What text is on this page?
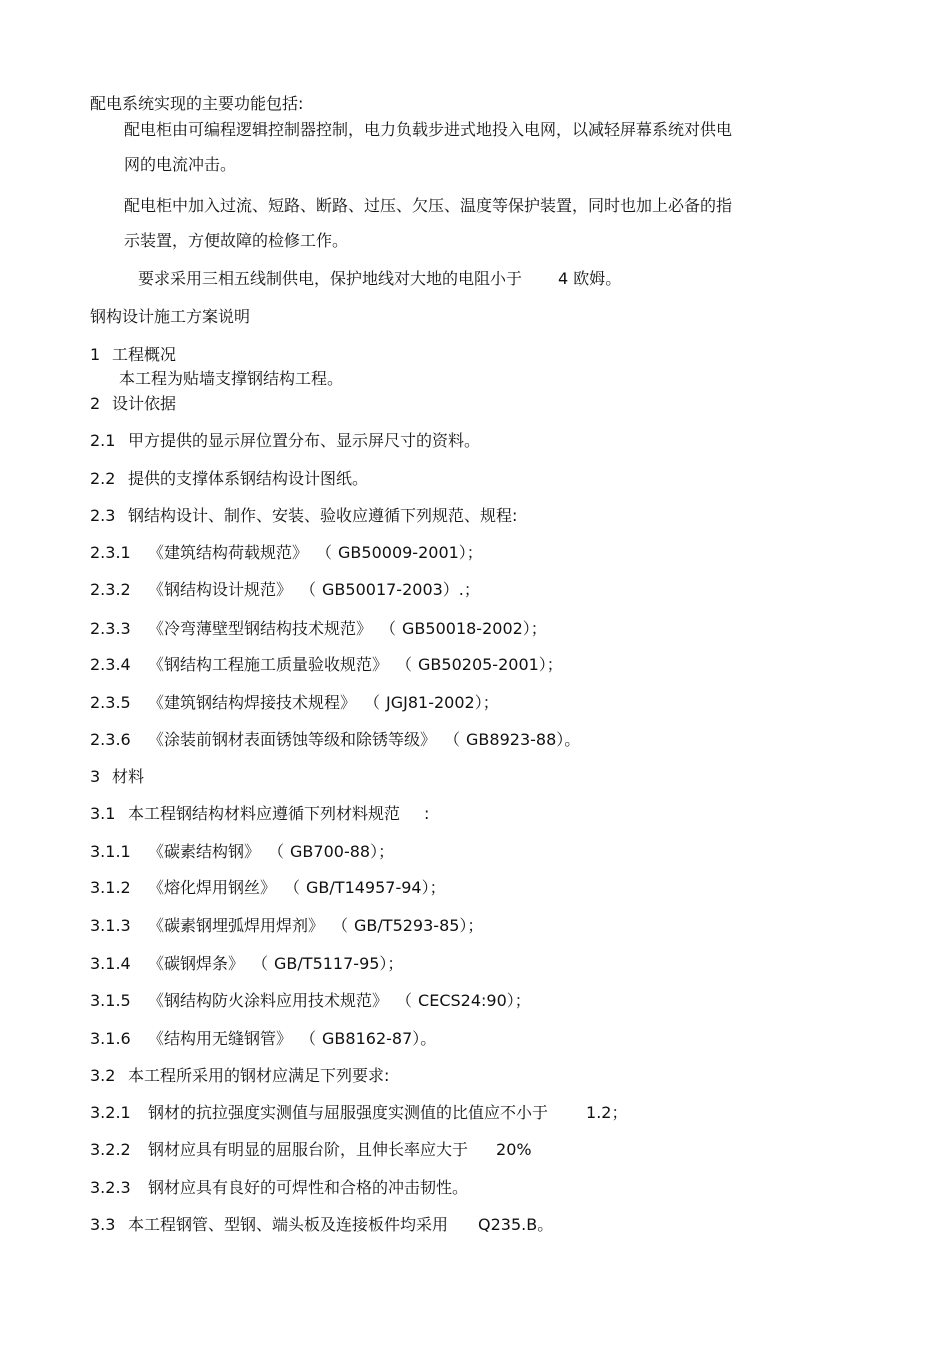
配电系统实现的主要功能包括:
配电柜由可编程逻辑控制器控制，电力负载步进式地投入电网，以减轻屏幕系统对供电
网的电流冲击。
配电柜中加入过流、短路、断路、过压、欠压、温度等保护装置，同时也加上必备的指
示装置，方便故障的检修工作。
要求采用三相五线制供电，保护地线对大地的电阻小于 4 欧姆。
钢构设计施工方案说明
1 工程概况
本工程为贴墙支撑钢结构工程。
2 设计依据
2.1 甲方提供的显示屏位置分布、显示屏尺寸的资料。
2.2 提供的支撑体系钢结构设计图纸。
2.3 钢结构设计、制作、安装、验收应遵循下列规范、规程:
2.3.1 《建筑结构荷载规范》 （ GB50009-2001）；
2.3.2 《钢结构设计规范》 （ GB50017-2003）.；
2.3.3 《冷弯薄壁型钢结构技术规范》 （ GB50018-2002）；
2.3.4 《钢结构工程施工质量验收规范》 （ GB50205-2001）；
2.3.5 《建筑钢结构焊接技术规程》 （ JGJ81-2002）；
2.3.6 《涂装前钢材表面锈蚀等级和除锈等级》 （ GB8923-88）。
3 材料
3.1 本工程钢结构材料应遵循下列材料规范 :
3.1.1 《碳素结构钢》 （ GB700-88）；
3.1.2 《熔化焊用钢丝》 （ GB/T14957-94）；
3.1.3 《碳素钢埋弧焊用焊剂》 （ GB/T5293-85）；
3.1.4 《碳钢焊条》 （ GB/T5117-95）；
3.1.5 《钢结构防火涂料应用技术规范》 （ CECS24:90）；
3.1.6 《结构用无缝钢管》 （ GB8162-87）。
3.2 本工程所采用的钢材应满足下列要求:
3.2.1 钢材的抗拉强度实测值与屈服强度实测值的比值应不小于 1.2；
3.2.2 钢材应具有明显的屈服台阶，且伸长率应大于 20%
3.2.3 钢材应具有良好的可焊性和合格的冲击韧性。
3.3 本工程钢管、型钢、端头板及连接板件均采用 Q235.B。
